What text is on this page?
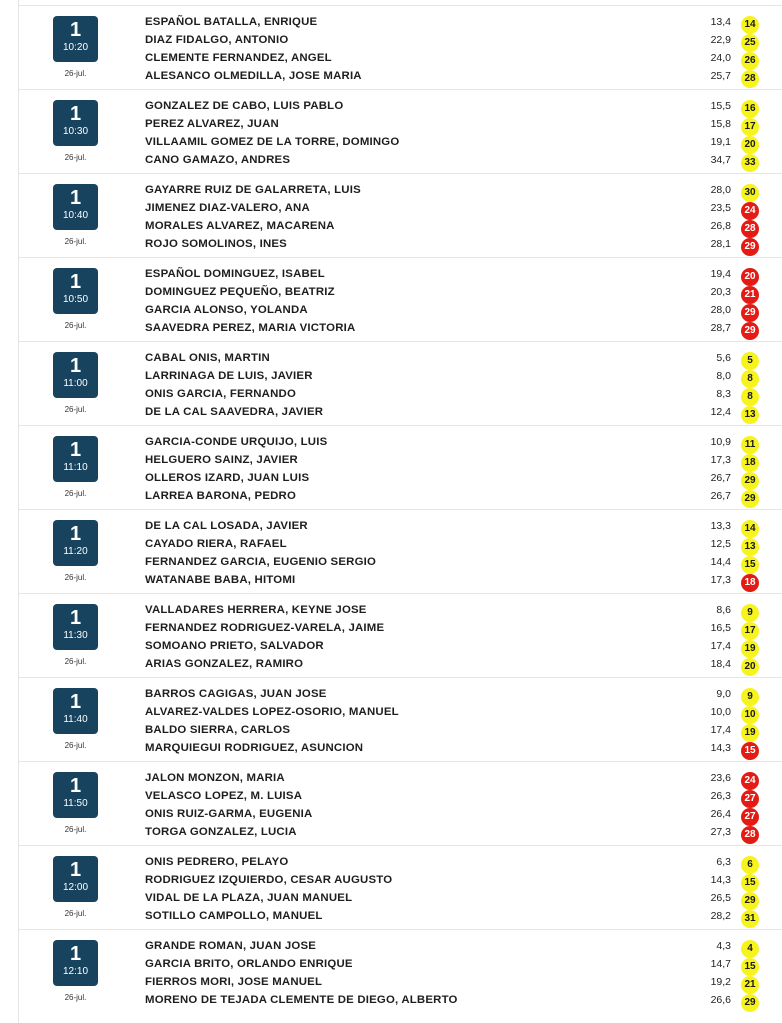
1
10:20
26-jul.
ESPAÑOL BATALLA, ENRIQUE	13,4	14
DIAZ FIDALGO, ANTONIO	22,9	25
CLEMENTE FERNANDEZ, ANGEL	24,0	26
ALESANCO OLMEDILLA, JOSE MARIA	25,7	28
1
10:30
26-jul.
GONZALEZ DE CABO, LUIS PABLO	15,5	16
PEREZ ALVAREZ, JUAN	15,8	17
VILLAAMIL GOMEZ DE LA TORRE, DOMINGO	19,1	20
CANO GAMAZO, ANDRES	34,7	33
1
10:40
26-jul.
GAYARRE RUIZ DE GALARRETA, LUIS	28,0	30
JIMENEZ DIAZ-VALERO, ANA	23,5	24
MORALES ALVAREZ, MACARENA	26,8	28
ROJO SOMOLINOS, INES	28,1	29
1
10:50
26-jul.
ESPAÑOL DOMINGUEZ, ISABEL	19,4	20
DOMINGUEZ PEQUEÑO, BEATRIZ	20,3	21
GARCIA ALONSO, YOLANDA	28,0	29
SAAVEDRA PEREZ, MARIA VICTORIA	28,7	29
1
11:00
26-jul.
CABAL ONIS, MARTIN	5,6	5
LARRINAGA DE LUIS, JAVIER	8,0	8
ONIS GARCIA, FERNANDO	8,3	8
DE LA CAL SAAVEDRA, JAVIER	12,4	13
1
11:10
26-jul.
GARCIA-CONDE URQUIJO, LUIS	10,9	11
HELGUERO SAINZ, JAVIER	17,3	18
OLLEROS IZARD, JUAN LUIS	26,7	29
LARREA BARONA, PEDRO	26,7	29
1
11:20
26-jul.
DE LA CAL LOSADA, JAVIER	13,3	14
CAYADO RIERA, RAFAEL	12,5	13
FERNANDEZ GARCIA, EUGENIO SERGIO	14,4	15
WATANABE BABA, HITOMI	17,3	18
1
11:30
26-jul.
VALLADARES HERRERA, KEYNE JOSE	8,6	9
FERNANDEZ RODRIGUEZ-VARELA, JAIME	16,5	17
SOMOANO PRIETO, SALVADOR	17,4	19
ARIAS GONZALEZ, RAMIRO	18,4	20
1
11:40
26-jul.
BARROS CAGIGAS, JUAN JOSE	9,0	9
ALVAREZ-VALDES LOPEZ-OSORIO, MANUEL	10,0	10
BALDO SIERRA, CARLOS	17,4	19
MARQUIEGUI RODRIGUEZ, ASUNCION	14,3	15
1
11:50
26-jul.
JALON MONZON, MARIA	23,6	24
VELASCO LOPEZ, M. LUISA	26,3	27
ONIS RUIZ-GARMA, EUGENIA	26,4	27
TORGA GONZALEZ, LUCIA	27,3	28
1
12:00
26-jul.
ONIS PEDRERO, PELAYO	6,3	6
RODRIGUEZ IZQUIERDO, CESAR AUGUSTO	14,3	15
VIDAL DE LA PLAZA, JUAN MANUEL	26,5	29
SOTILLO CAMPOLLO, MANUEL	28,2	31
1
12:10
26-jul.
GRANDE ROMAN, JUAN JOSE	4,3	4
GARCIA BRITO, ORLANDO ENRIQUE	14,7	15
FIERROS MORI, JOSE MANUEL	19,2	21
MORENO DE TEJADA CLEMENTE DE DIEGO, ALBERTO	26,6	29
